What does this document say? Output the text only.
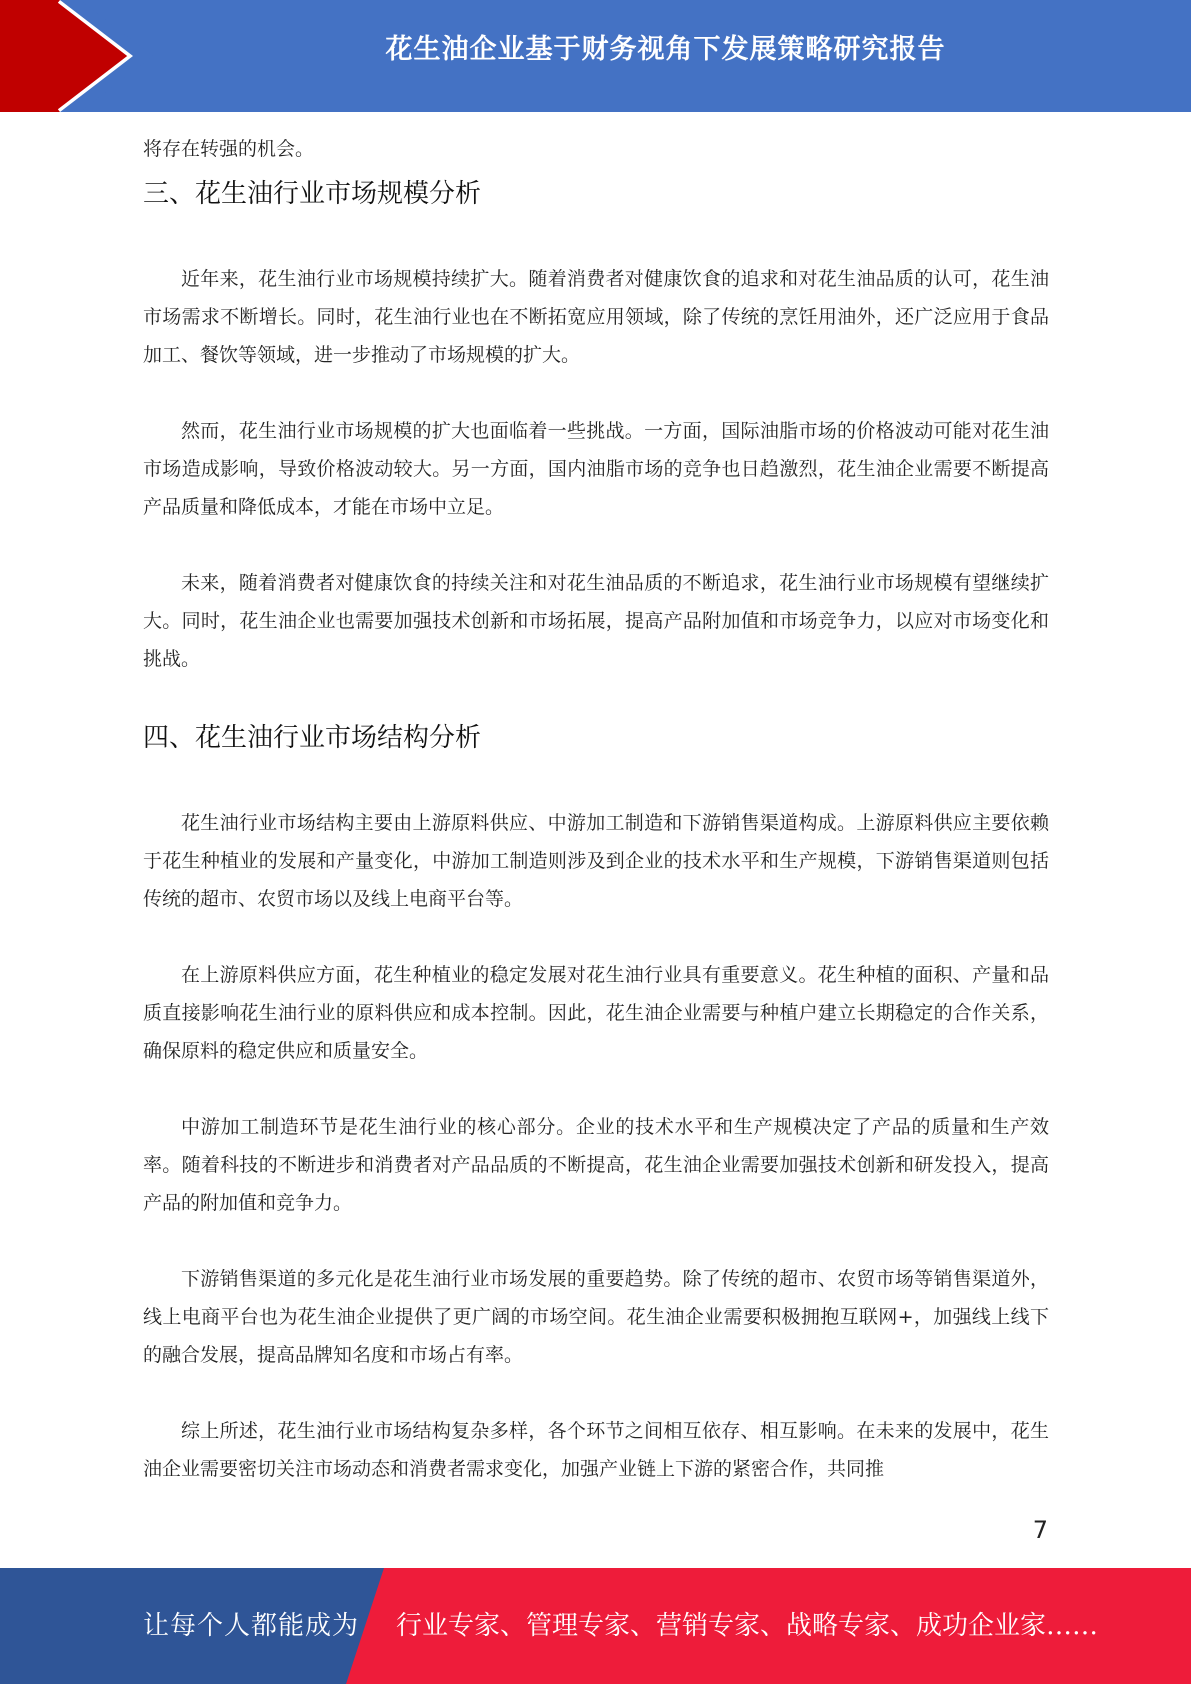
花生油企业基于财务视角下发展策略研究报告

将存在转强的机会。

三、花生油行业市场规模分析

近年来，花生油行业市场规模持续扩大。随着消费者对健康饮食的追求和对花生油品质的认可，花生油市场需求不断增长。同时，花生油行业也在不断拓宽应用领域，除了传统的烹饪用油外，还广泛应用于食品加工、餐饮等领域，进一步推动了市场规模的扩大。

然而，花生油行业市场规模的扩大也面临着一些挑战。一方面，国际油脂市场的价格波动可能对花生油市场造成影响，导致价格波动较大。另一方面，国内油脂市场的竞争也日趋激烈，花生油企业需要不断提高产品质量和降低成本，才能在市场中立足。

未来，随着消费者对健康饮食的持续关注和对花生油品质的不断追求，花生油行业市场规模有望继续扩大。同时，花生油企业也需要加强技术创新和市场拓展，提高产品附加值和市场竞争力，以应对市场变化和挑战。

四、花生油行业市场结构分析

花生油行业市场结构主要由上游原料供应、中游加工制造和下游销售渠道构成。上游原料供应主要依赖于花生种植业的发展和产量变化，中游加工制造则涉及到企业的技术水平和生产规模，下游销售渠道则包括传统的超市、农贸市场以及线上电商平台等。

在上游原料供应方面，花生种植业的稳定发展对花生油行业具有重要意义。花生种植的面积、产量和品质直接影响花生油行业的原料供应和成本控制。因此，花生油企业需要与种植户建立长期稳定的合作关系，确保原料的稳定供应和质量安全。

中游加工制造环节是花生油行业的核心部分。企业的技术水平和生产规模决定了产品的质量和生产效率。随着科技的不断进步和消费者对产品品质的不断提高，花生油企业需要加强技术创新和研发投入，提高产品的附加值和竞争力。

下游销售渠道的多元化是花生油行业市场发展的重要趋势。除了传统的超市、农贸市场等销售渠道外，线上电商平台也为花生油企业提供了更广阔的市场空间。花生油企业需要积极拥抱互联网+，加强线上线下的融合发展，提高品牌知名度和市场占有率。

综上所述，花生油行业市场结构复杂多样，各个环节之间相互依存、相互影响。在未来的发展中，花生油企业需要密切关注市场动态和消费者需求变化，加强产业链上下游的紧密合作，共同推

7
让每个人都能成为 行业专家、管理专家、营销专家、战略专家、成功企业家……
